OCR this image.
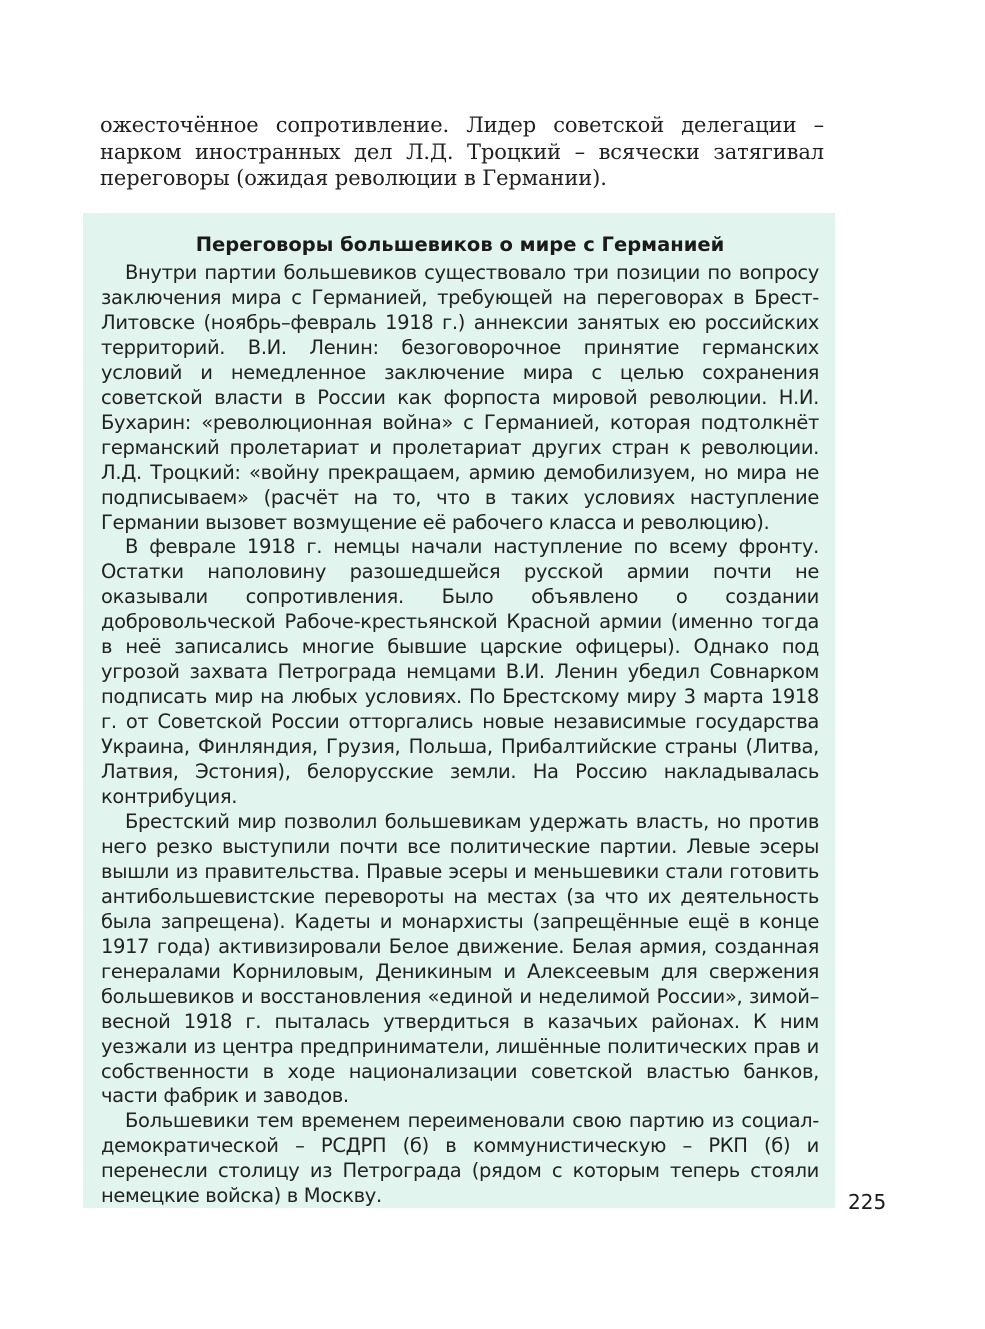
ожесточённое сопротивление. Лидер советской делегации – нарком иностранных дел Л.Д. Троцкий – всячески затягивал переговоры (ожидая революции в Германии).

Переговоры большевиков о мире с Германией

Внутри партии большевиков существовало три позиции по вопросу заключения мира с Германией, требующей на переговорах в Брест-Литовске (ноябрь–февраль 1918 г.) аннексии занятых ею российских территорий. В.И. Ленин: безоговорочное принятие германских условий и немедленное заключение мира с целью сохранения советской власти в России как форпоста мировой революции. Н.И. Бухарин: «революционная война» с Германией, которая подтолкнёт германский пролетариат и пролетариат других стран к революции. Л.Д. Троцкий: «войну прекращаем, армию демобилизуем, но мира не подписываем» (расчёт на то, что в таких условиях наступление Германии вызовет возмущение её рабочего класса и революцию).

В феврале 1918 г. немцы начали наступление по всему фронту. Остатки наполовину разошедшейся русской армии почти не оказывали сопротивления. Было объявлено о создании добровольческой Рабоче-крестьянской Красной армии (именно тогда в неё записались многие бывшие царские офицеры). Однако под угрозой захвата Петрограда немцами В.И. Ленин убедил Совнарком подписать мир на любых условиях. По Брестскому миру 3 марта 1918 г. от Советской России отторгались новые независимые государства Украина, Финляндия, Грузия, Польша, Прибалтийские страны (Литва, Латвия, Эстония), белорусские земли. На Россию накладывалась контрибуция.

Брестский мир позволил большевикам удержать власть, но против него резко выступили почти все политические партии. Левые эсеры вышли из правительства. Правые эсеры и меньшевики стали готовить антибольшевистские перевороты на местах (за что их деятельность была запрещена). Кадеты и монархисты (запрещённые ещё в конце 1917 года) активизировали Белое движение. Белая армия, созданная генералами Корниловым, Деникиным и Алексеевым для свержения большевиков и восстановления «единой и неделимой России», зимой–весной 1918 г. пыталась утвердиться в казачьих районах. К ним уезжали из центра предприниматели, лишённые политических прав и собственности в ходе национализации советской властью банков, части фабрик и заводов.

Большевики тем временем переименовали свою партию из социал-демократической – РСДРП (б) в коммунистическую – РКП (б) и перенесли столицу из Петрограда (рядом с которым теперь стояли немецкие войска) в Москву.	225
